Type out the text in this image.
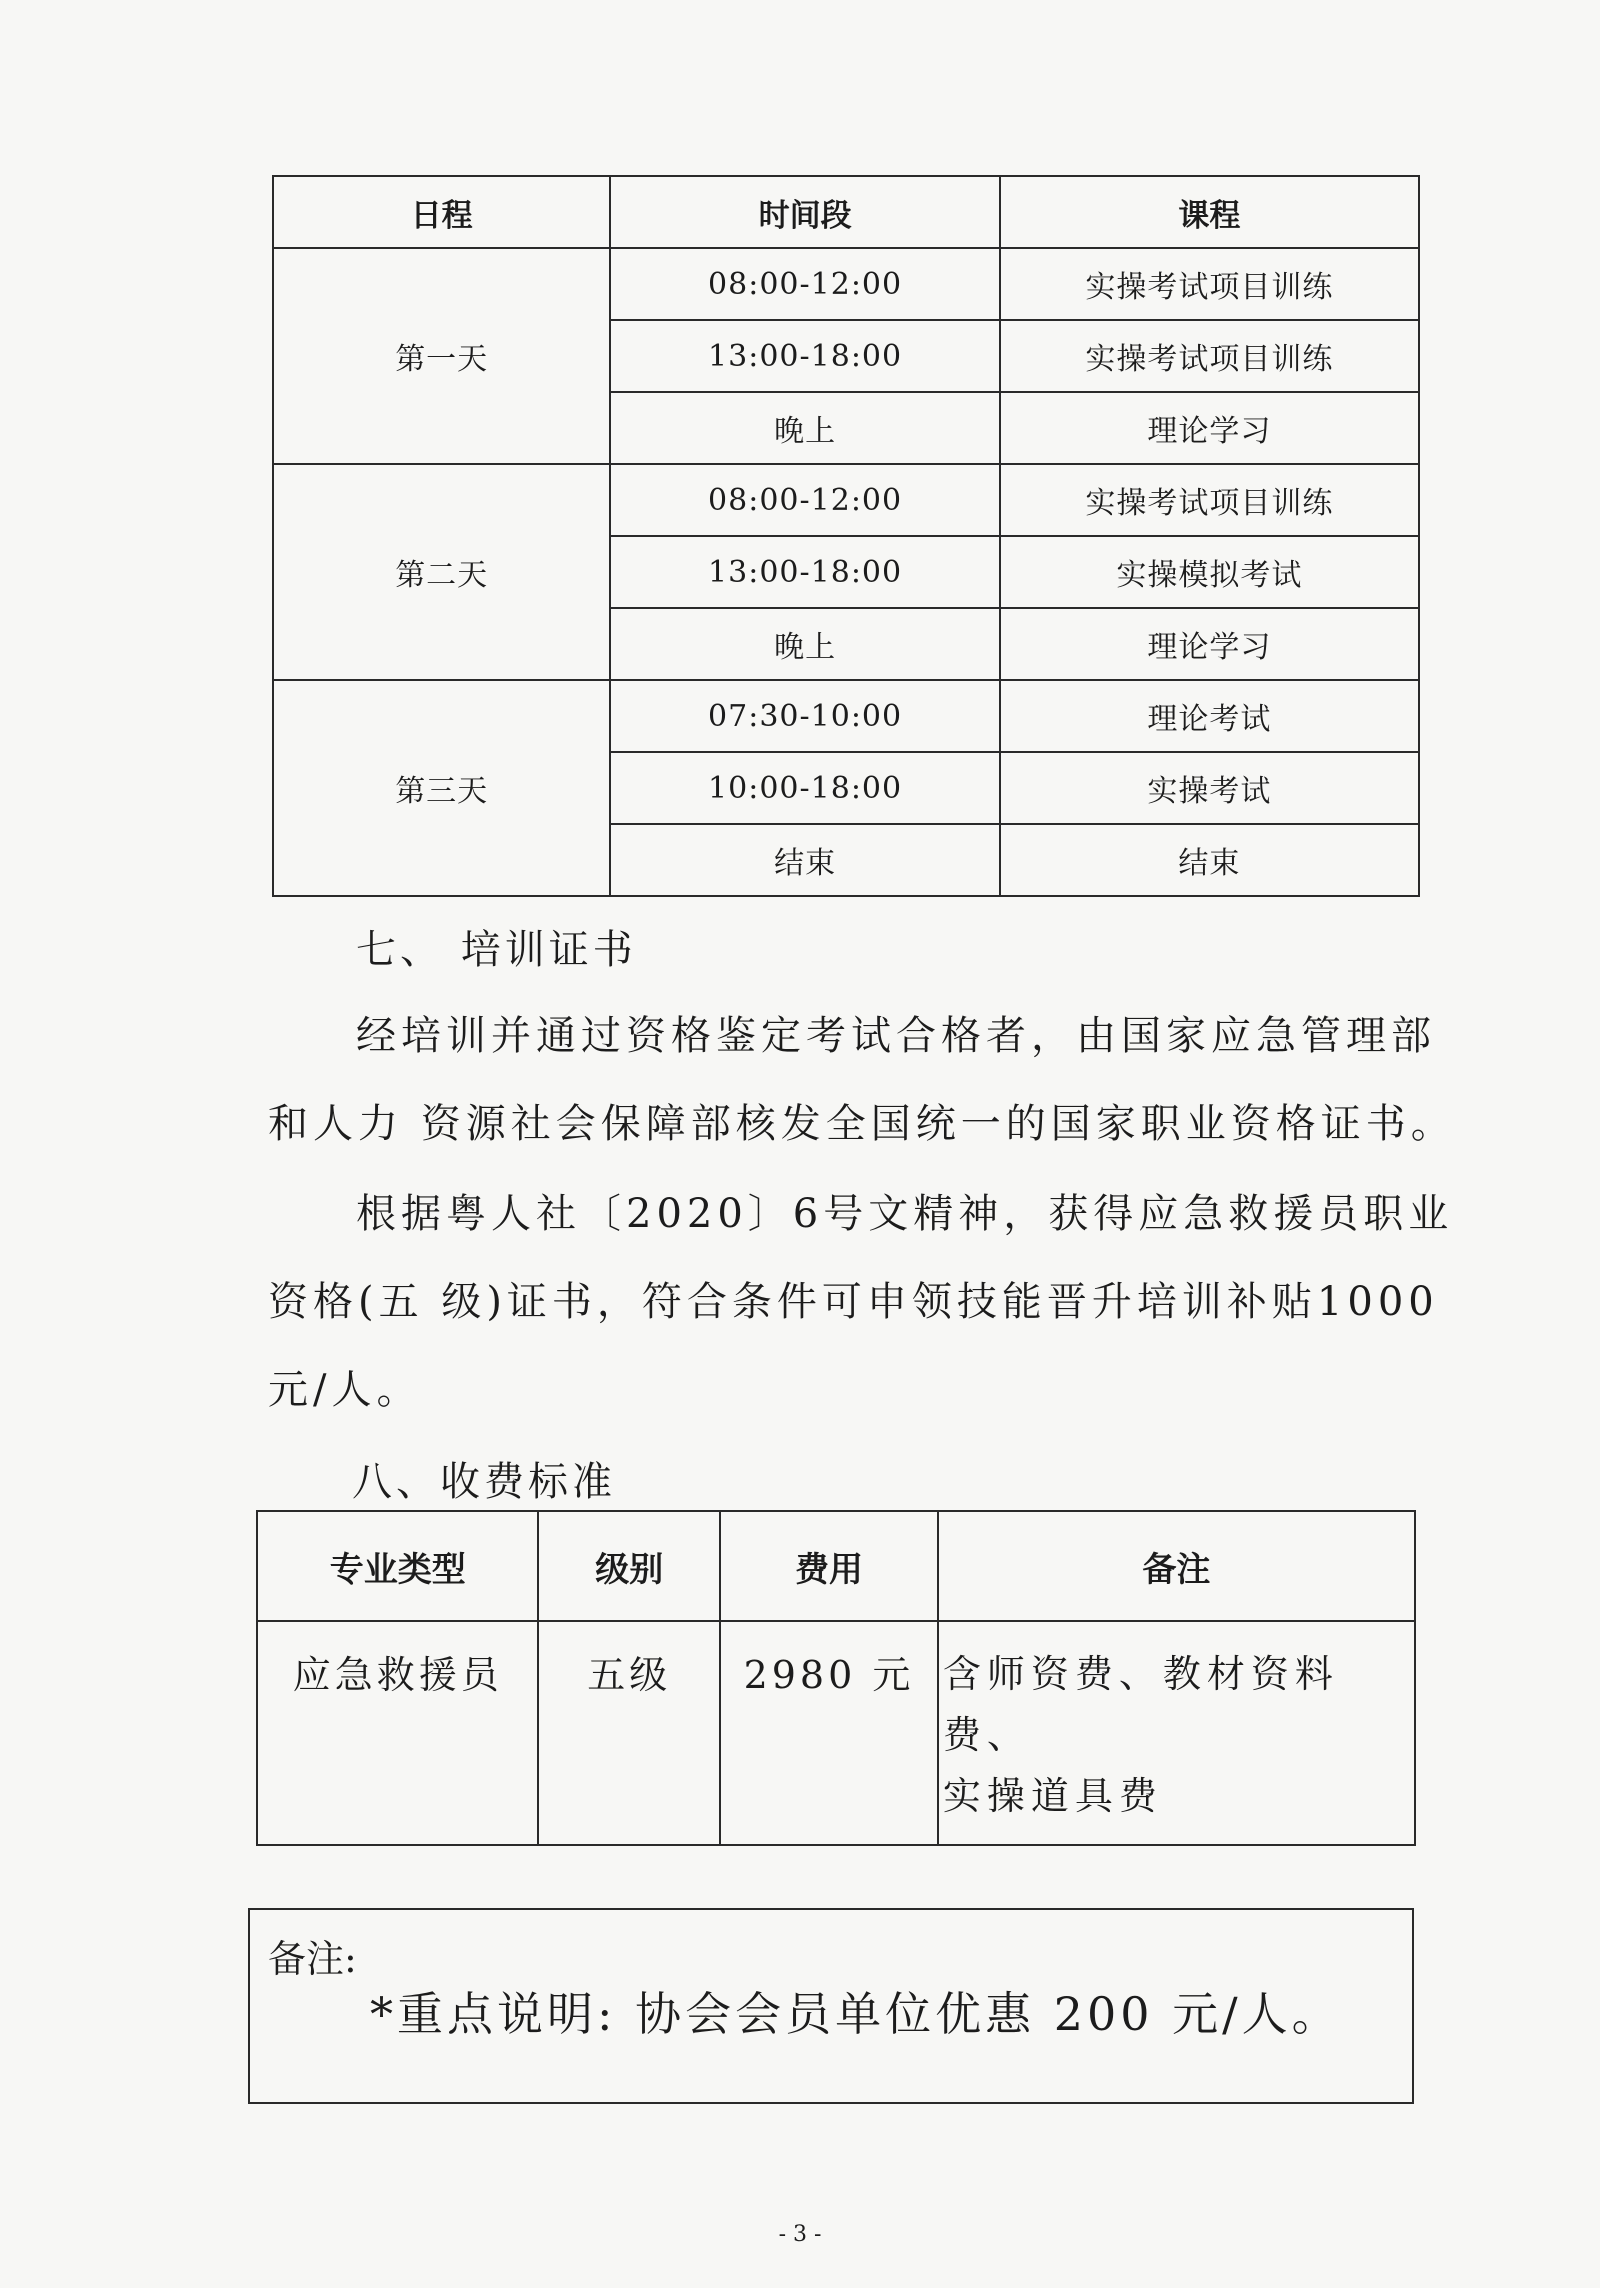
日程	时间段	课程
第一天	08:00-12:00	实操考试项目训练
	13:00-18:00	实操考试项目训练
	晚上	理论学习
第二天	08:00-12:00	实操考试项目训练
	13:00-18:00	实操模拟考试
	晚上	理论学习
第三天	07:30-10:00	理论考试
	10:00-18:00	实操考试
	结束	结束
七、 培训证书
经培训并通过资格鉴定考试合格者，由国家应急管理部
和人力 资源社会保障部核发全国统一的国家职业资格证书。
根据粤人社〔2020〕6号文精神，获得应急救援员职业
资格(五 级)证书，符合条件可申领技能晋升培训补贴1000
元/人。
八、收费标准
专业类型	级别	费用	备注
应急救援员	五级	2980 元	含师资费、教材资料费、
实操道具费
备注:
*重点说明: 协会会员单位优惠 200 元/人。
- 3 -
